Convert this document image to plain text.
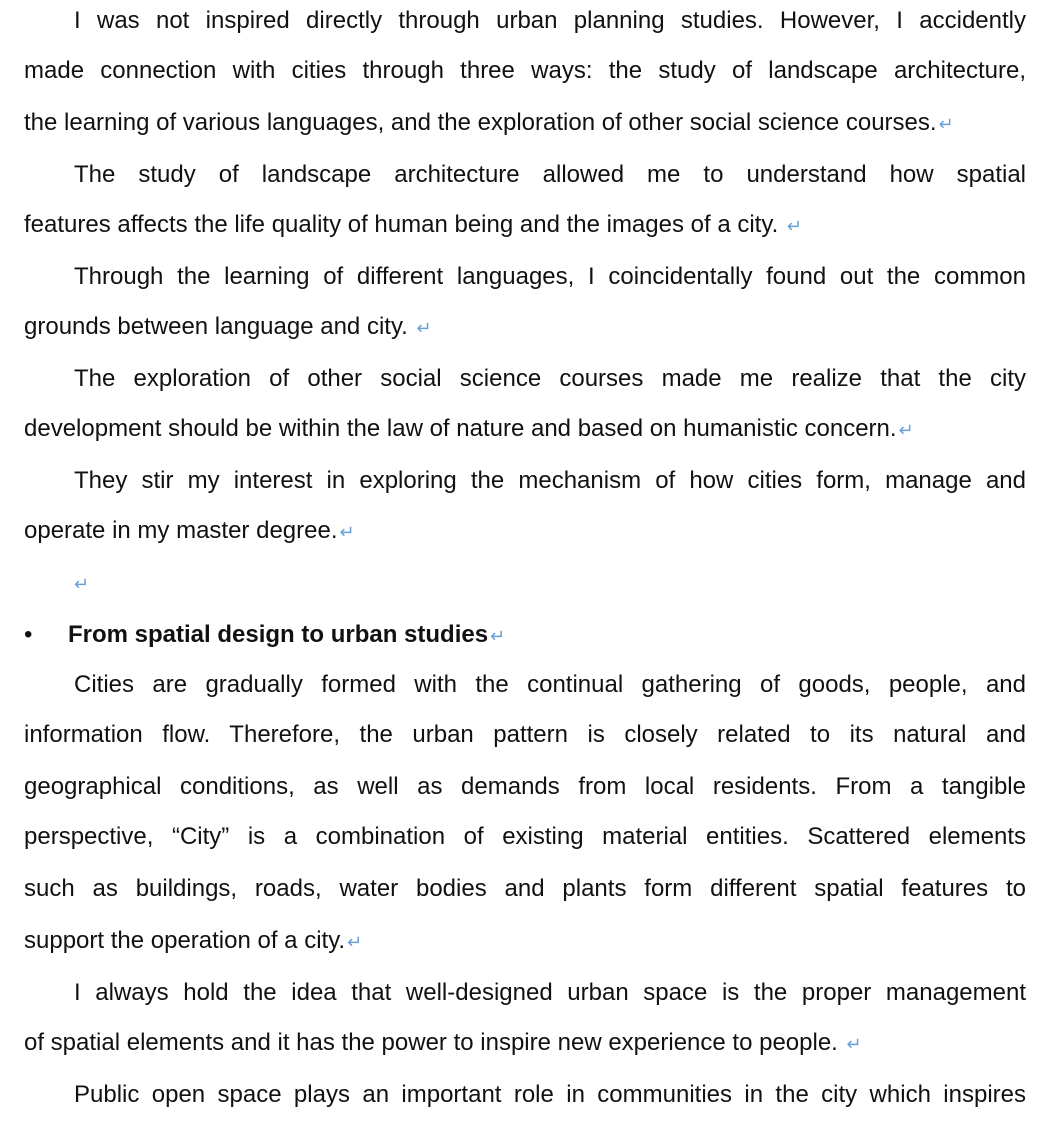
I was not inspired directly through urban planning studies. However, I accidently
made connection with cities through three ways: the study of landscape architecture,
the learning of various languages, and the exploration of other social science courses. ↵
The study of landscape architecture allowed me to understand how spatial
features affects the life quality of human being and the images of a city. ↵
Through the learning of different languages, I coincidentally found out the common
grounds between language and city. ↵
The exploration of other social science courses made me realize that the city
development should be within the law of nature and based on humanistic concern. ↵
They stir my interest in exploring the mechanism of how cities form, manage and
operate in my master degree. ↵
↵
•	From spatial design to urban studies ↵
Cities are gradually formed with the continual gathering of goods, people, and
information flow. Therefore, the urban pattern is closely related to its natural and
geographical conditions, as well as demands from local residents. From a tangible
perspective, “City” is a combination of existing material entities. Scattered elements
such as buildings, roads, water bodies and plants form different spatial features to
support the operation of a city. ↵
I always hold the idea that well-designed urban space is the proper management
of spatial elements and it has the power to inspire new experience to people. ↵
Public open space plays an important role in communities in the city which inspires
